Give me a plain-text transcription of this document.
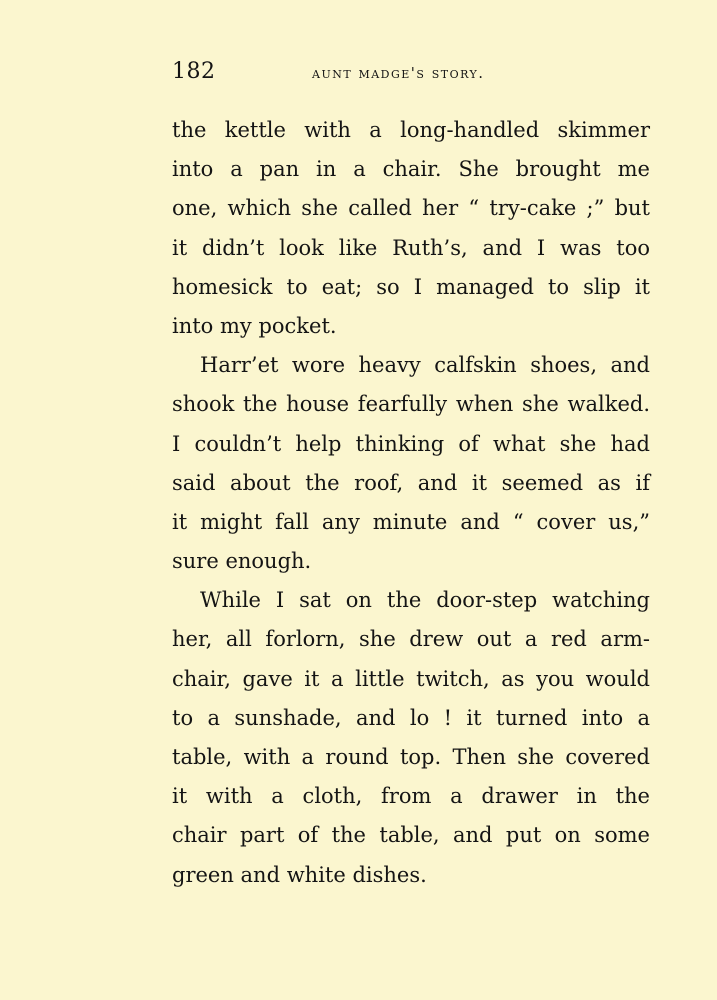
182	aunt madge's story.
the kettle with a long-handled skimmer
into a pan in a chair. She brought me
one, which she called her “ try-cake ;” but
it didn’t look like Ruth’s, and I was too
homesick to eat; so I managed to slip it
into my pocket.
Harr’et wore heavy calfskin shoes, and
shook the house fearfully when she walked.
I couldn’t help thinking of what she had
said about the roof, and it seemed as if
it might fall any minute and “ cover us,”
sure enough.
While I sat on the door-step watching
her, all forlorn, she drew out a red arm-
chair, gave it a little twitch, as you would
to a sunshade, and lo ! it turned into a
table, with a round top. Then she covered
it with a cloth, from a drawer in the
chair part of the table, and put on some
green and white dishes.
